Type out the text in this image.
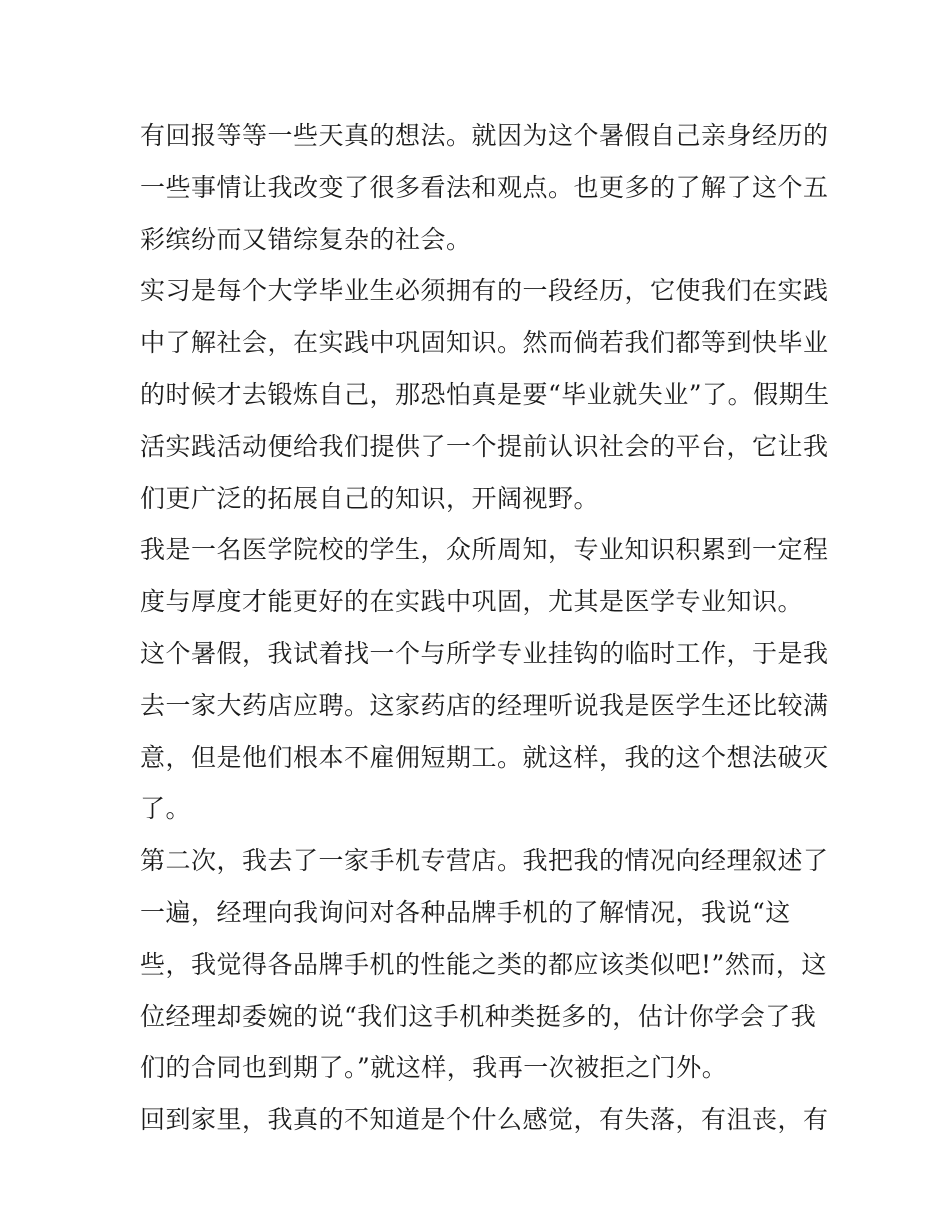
有回报等等一些天真的想法。就因为这个暑假自己亲身经历的
一些事情让我改变了很多看法和观点。也更多的了解了这个五
彩缤纷而又错综复杂的社会。
实习是每个大学毕业生必须拥有的一段经历，它使我们在实践
中了解社会，在实践中巩固知识。然而倘若我们都等到快毕业
的时候才去锻炼自己，那恐怕真是要“毕业就失业”了。假期生
活实践活动便给我们提供了一个提前认识社会的平台，它让我
们更广泛的拓展自己的知识，开阔视野。
我是一名医学院校的学生，众所周知，专业知识积累到一定程
度与厚度才能更好的在实践中巩固，尤其是医学专业知识。
这个暑假，我试着找一个与所学专业挂钩的临时工作，于是我
去一家大药店应聘。这家药店的经理听说我是医学生还比较满
意，但是他们根本不雇佣短期工。就这样，我的这个想法破灭
了。
第二次，我去了一家手机专营店。我把我的情况向经理叙述了
一遍，经理向我询问对各种品牌手机的了解情况，我说“这
些，我觉得各品牌手机的性能之类的都应该类似吧!”然而，这
位经理却委婉的说“我们这手机种类挺多的，估计你学会了我
们的合同也到期了。”就这样，我再一次被拒之门外。
回到家里，我真的不知道是个什么感觉，有失落，有沮丧，有
